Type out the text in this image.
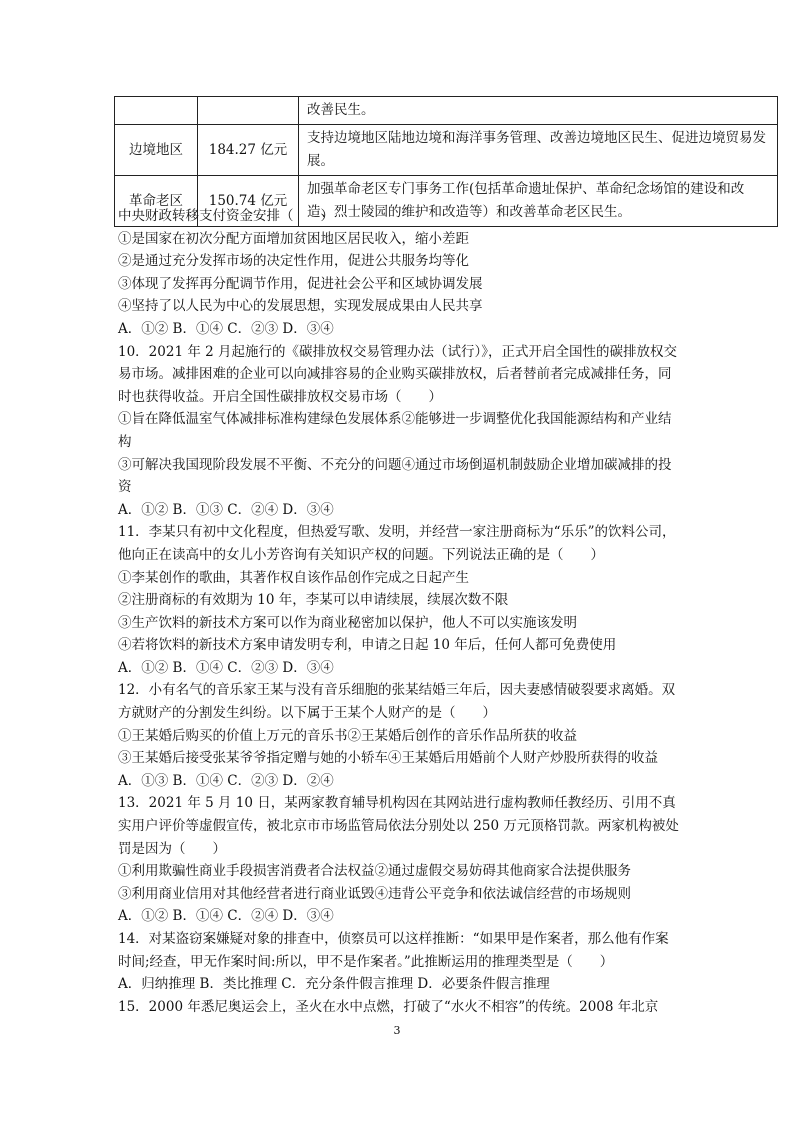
		改善民生。
边境地区	184.27 亿元	支持边境地区陆地边境和海洋事务管理、改善边境地区民生、促进边境贸易发展。
革命老区	150.74 亿元	加强革命老区专门事务工作(包括革命遗址保护、革命纪念场馆的建设和改造、烈士陵园的维护和改造等）和改善革命老区民生。

中央财政转移支付资金安排（　　）

①是国家在初次分配方面增加贫困地区居民收入，缩小差距

②是通过充分发挥市场的决定性作用，促进公共服务均等化

③体现了发挥再分配调节作用，促进社会公平和区域协调发展

④坚持了以人民为中心的发展思想，实现发展成果由人民共享

A．①② B．①④ C．②③ D．③④

10．2021 年 2 月起施行的《碳排放权交易管理办法（试行）》，正式开启全国性的碳排放权交易市场。减排困难的企业可以向减排容易的企业购买碳排放权，后者替前者完成减排任务，同时也获得收益。开启全国性碳排放权交易市场（　　）

①旨在降低温室气体减排标准构建绿色发展体系②能够进一步调整优化我国能源结构和产业结构

③可解决我国现阶段发展不平衡、不充分的问题④通过市场倒逼机制鼓励企业增加碳减排的投资

A．①② B．①③ C．②④ D．③④

11．李某只有初中文化程度，但热爱写歌、发明，并经营一家注册商标为“乐乐”的饮料公司，他向正在读高中的女儿小芳咨询有关知识产权的问题。下列说法正确的是（　　）

①李某创作的歌曲，其著作权自该作品创作完成之日起产生

②注册商标的有效期为 10 年，李某可以申请续展，续展次数不限

③生产饮料的新技术方案可以作为商业秘密加以保护，他人不可以实施该发明

④若将饮料的新技术方案申请发明专利，申请之日起 10 年后，任何人都可免费使用

A．①② B．①④ C．②③ D．③④

12．小有名气的音乐家王某与没有音乐细胞的张某结婚三年后，因夫妻感情破裂要求离婚。双方就财产的分割发生纠纷。以下属于王某个人财产的是（　　）

①王某婚后购买的价值上万元的音乐书②王某婚后创作的音乐作品所获的收益

③王某婚后接受张某爷爷指定赠与她的小轿车④王某婚后用婚前个人财产炒股所获得的收益

A．①③ B．①④ C．②③ D．②④

13．2021 年 5 月 10 日，某两家教育辅导机构因在其网站进行虚构教师任教经历、引用不真实用户评价等虚假宣传，被北京市市场监管局依法分别处以 250 万元顶格罚款。两家机构被处罚是因为（　　）

①利用欺骗性商业手段损害消费者合法权益②通过虚假交易妨碍其他商家合法提供服务

③利用商业信用对其他经营者进行商业诋毁④违背公平竞争和依法诚信经营的市场规则

A．①② B．①④ C．②④ D．③④

14．对某盗窃案嫌疑对象的排查中，侦察员可以这样推断：“如果甲是作案者，那么他有作案时间;经查，甲无作案时间:所以，甲不是作案者。”此推断运用的推理类型是（　　）

A．归纳推理 B．类比推理 C．充分条件假言推理 D．必要条件假言推理

15．2000 年悉尼奥运会上，圣火在水中点燃，打破了“水火不相容”的传统。2008 年北京

3
